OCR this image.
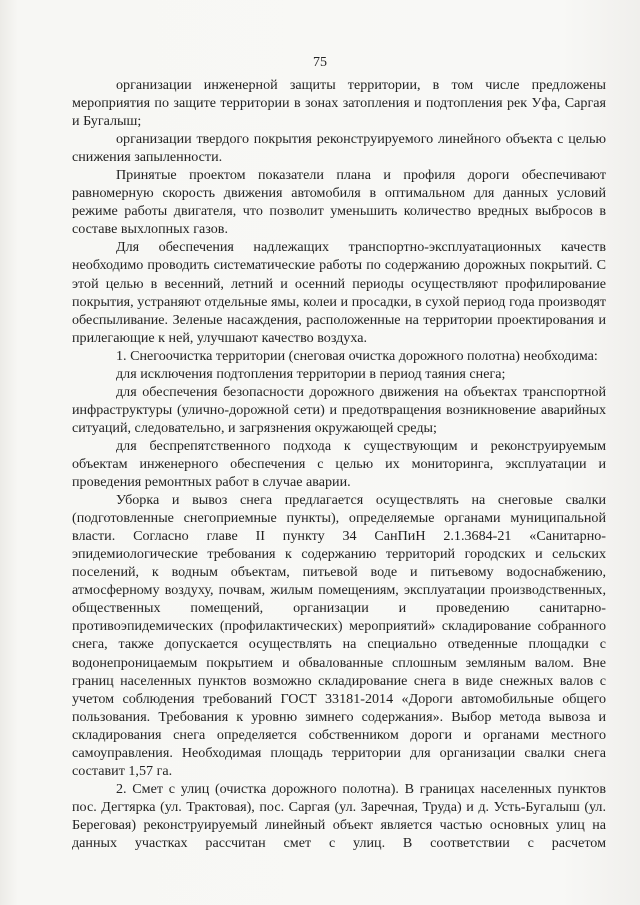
75

организации инженерной защиты территории, в том числе предложены мероприятия по защите территории в зонах затопления и подтопления рек Уфа, Саргая и Бугалыш;

организации твердого покрытия реконструируемого линейного объекта с целью снижения запыленности.

Принятые проектом показатели плана и профиля дороги обеспечивают равномерную скорость движения автомобиля в оптимальном для данных условий режиме работы двигателя, что позволит уменьшить количество вредных выбросов в составе выхлопных газов.

Для обеспечения надлежащих транспортно-эксплуатационных качеств необходимо проводить систематические работы по содержанию дорожных покрытий. С этой целью в весенний, летний и осенний периоды осуществляют профилирование покрытия, устраняют отдельные ямы, колеи и просадки, в сухой период года производят обеспыливание. Зеленые насаждения, расположенные на территории проектирования и прилегающие к ней, улучшают качество воздуха.

1. Снегоочистка территории (снеговая очистка дорожного полотна) необходима:

для исключения подтопления территории в период таяния снега;

для обеспечения безопасности дорожного движения на объектах транспортной инфраструктуры (улично-дорожной сети) и предотвращения возникновение аварийных ситуаций, следовательно, и загрязнения окружающей среды;

для беспрепятственного подхода к существующим и реконструируемым объектам инженерного обеспечения с целью их мониторинга, эксплуатации и проведения ремонтных работ в случае аварии.

Уборка и вывоз снега предлагается осуществлять на снеговые свалки (подготовленные снегоприемные пункты), определяемые органами муниципальной власти. Согласно главе II пункту 34 СанПиН 2.1.3684-21 «Санитарно-эпидемиологические требования к содержанию территорий городских и сельских поселений, к водным объектам, питьевой воде и питьевому водоснабжению, атмосферному воздуху, почвам, жилым помещениям, эксплуатации производственных, общественных помещений, организации и проведению санитарно-противоэпидемических (профилактических) мероприятий» складирование собранного снега, также допускается осуществлять на специально отведенные площадки с водонепроницаемым покрытием и обвалованные сплошным земляным валом. Вне границ населенных пунктов возможно складирование снега в виде снежных валов с учетом соблюдения требований ГОСТ 33181-2014 «Дороги автомобильные общего пользования. Требования к уровню зимнего содержания». Выбор метода вывоза и складирования снега определяется собственником дороги и органами местного самоуправления. Необходимая площадь территории для организации свалки снега составит 1,57 га.

2. Смет с улиц (очистка дорожного полотна). В границах населенных пунктов пос. Дегтярка (ул. Трактовая), пос. Саргая (ул. Заречная, Труда) и д. Усть-Бугалыш (ул. Береговая) реконструируемый линейный объект является частью основных улиц на данных участках рассчитан смет с улиц. В соответствии с расчетом
